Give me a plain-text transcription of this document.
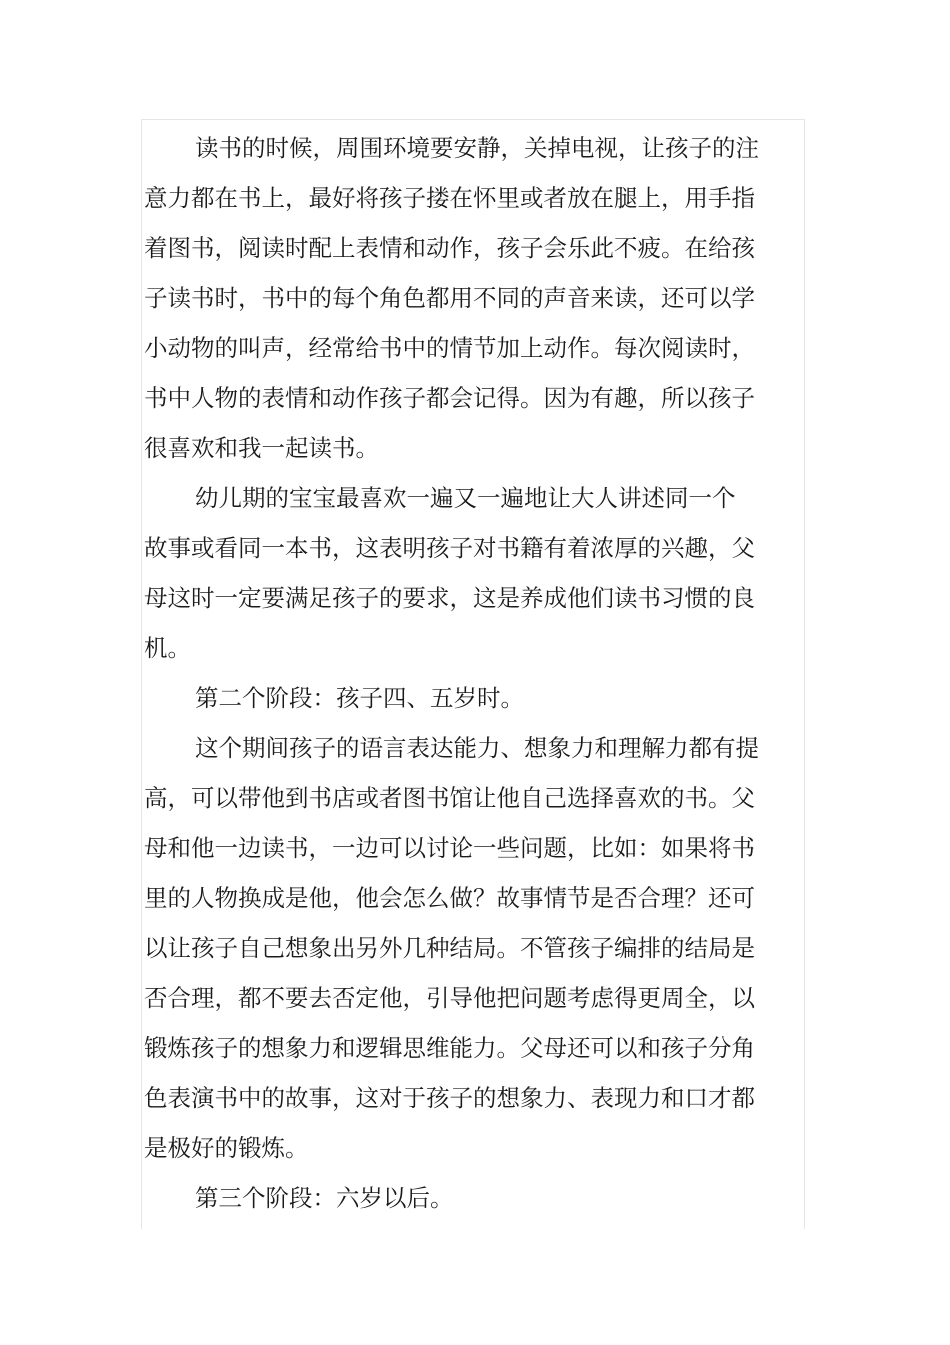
读书的时候，周围环境要安静，关掉电视，让孩子的注
意力都在书上，最好将孩子搂在怀里或者放在腿上，用手指
着图书，阅读时配上表情和动作，孩子会乐此不疲。在给孩
子读书时，书中的每个角色都用不同的声音来读，还可以学
小动物的叫声，经常给书中的情节加上动作。每次阅读时，
书中人物的表情和动作孩子都会记得。因为有趣，所以孩子
很喜欢和我一起读书。
幼儿期的宝宝最喜欢一遍又一遍地让大人讲述同一个
故事或看同一本书，这表明孩子对书籍有着浓厚的兴趣，父
母这时一定要满足孩子的要求，这是养成他们读书习惯的良
机。
第二个阶段：孩子四、五岁时。
这个期间孩子的语言表达能力、想象力和理解力都有提
高，可以带他到书店或者图书馆让他自己选择喜欢的书。父
母和他一边读书，一边可以讨论一些问题，比如：如果将书
里的人物换成是他，他会怎么做？故事情节是否合理？还可
以让孩子自己想象出另外几种结局。不管孩子编排的结局是
否合理，都不要去否定他，引导他把问题考虑得更周全，以
锻炼孩子的想象力和逻辑思维能力。父母还可以和孩子分角
色表演书中的故事，这对于孩子的想象力、表现力和口才都
是极好的锻炼。
第三个阶段：六岁以后。
